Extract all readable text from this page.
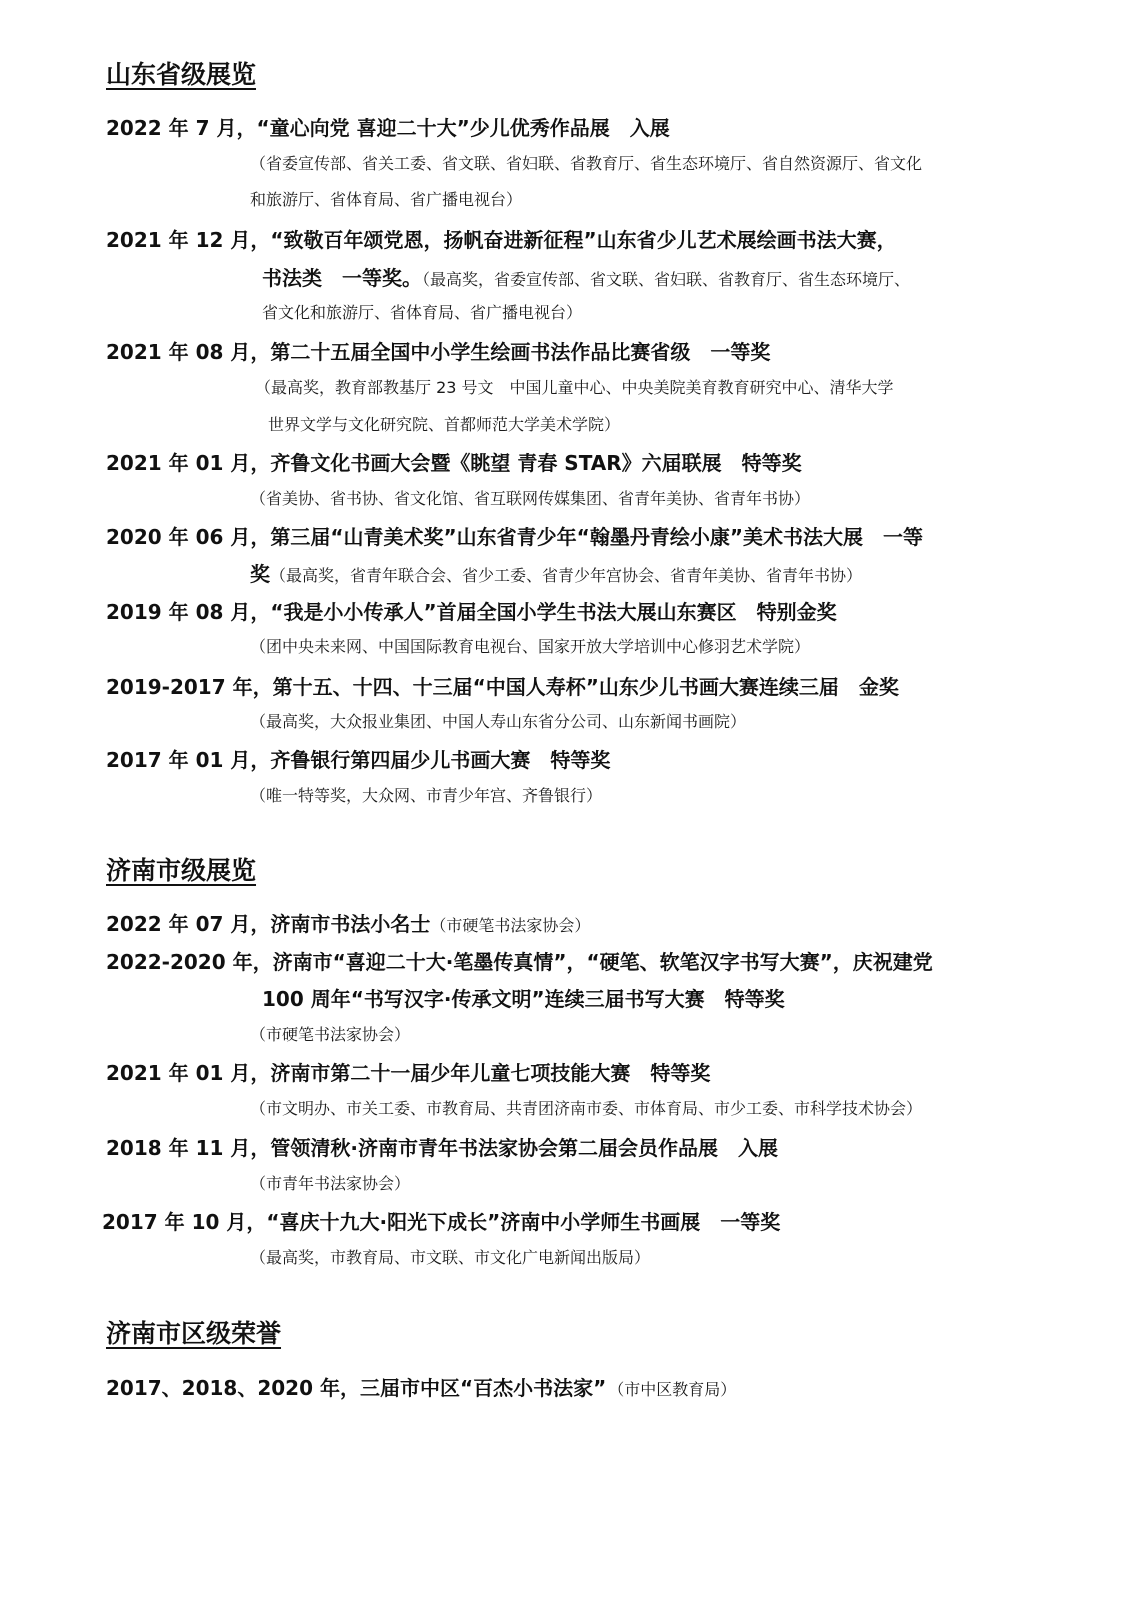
山东省级展览
2022 年 7 月，“童心向党 喜迎二十大”少儿优秀作品展　入展
（省委宣传部、省关工委、省文联、省妇联、省教育厅、省生态环境厅、省自然资源厅、省文化
和旅游厅、省体育局、省广播电视台）
2021 年 12 月，“致敬百年颂党恩，扬帆奋进新征程”山东省少儿艺术展绘画书法大赛，
书法类　一等奖。（最高奖，省委宣传部、省文联、省妇联、省教育厅、省生态环境厅、
省文化和旅游厅、省体育局、省广播电视台）
2021 年 08 月，第二十五届全国中小学生绘画书法作品比赛省级　一等奖
（最高奖，教育部教基厅 23 号文　中国儿童中心、中央美院美育教育研究中心、清华大学
世界文学与文化研究院、首都师范大学美术学院）
2021 年 01 月，齐鲁文化书画大会暨《眺望 青春 STAR》六届联展　特等奖
（省美协、省书协、省文化馆、省互联网传媒集团、省青年美协、省青年书协）
2020 年 06 月，第三届“山青美术奖”山东省青少年“翰墨丹青绘小康”美术书法大展　一等
奖（最高奖，省青年联合会、省少工委、省青少年宫协会、省青年美协、省青年书协）
2019 年 08 月，“我是小小传承人”首届全国小学生书法大展山东赛区　特别金奖
（团中央未来网、中国国际教育电视台、国家开放大学培训中心修羽艺术学院）
2019-2017 年，第十五、十四、十三届“中国人寿杯”山东少儿书画大赛连续三届　金奖
（最高奖，大众报业集团、中国人寿山东省分公司、山东新闻书画院）
2017 年 01 月，齐鲁银行第四届少儿书画大赛　特等奖
（唯一特等奖，大众网、市青少年宫、齐鲁银行）
济南市级展览
2022 年 07 月，济南市书法小名士（市硬笔书法家协会）
2022-2020 年，济南市“喜迎二十大·笔墨传真情”，“硬笔、软笔汉字书写大赛”，庆祝建党
100 周年“书写汉字·传承文明”连续三届书写大赛　特等奖
（市硬笔书法家协会）
2021 年 01 月，济南市第二十一届少年儿童七项技能大赛　特等奖
（市文明办、市关工委、市教育局、共青团济南市委、市体育局、市少工委、市科学技术协会）
2018 年 11 月，管领清秋·济南市青年书法家协会第二届会员作品展　入展
（市青年书法家协会）
2017 年 10 月，“喜庆十九大·阳光下成长”济南中小学师生书画展　一等奖
（最高奖，市教育局、市文联、市文化广电新闻出版局）
济南市区级荣誉
2017、2018、2020 年，三届市中区“百杰小书法家” （市中区教育局）
